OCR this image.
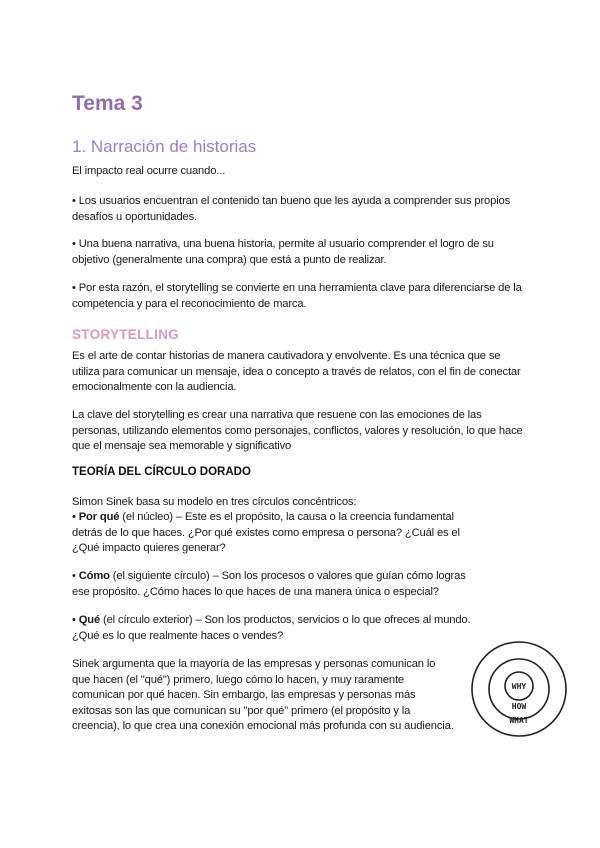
Tema 3
1. Narración de historias

El impacto real ocurre cuando...

• Los usuarios encuentran el contenido tan bueno que les ayuda a comprender sus propios desafíos u oportunidades.

• Una buena narrativa, una buena historia, permite al usuario comprender el logro de su objetivo (generalmente una compra) que está a punto de realizar.

• Por esta razón, el storytelling se convierte en una herramienta clave para diferenciarse de la competencia y para el reconocimiento de marca.

STORYTELLING

Es el arte de contar historias de manera cautivadora y envolvente. Es una técnica que se utiliza para comunicar un mensaje, idea o concepto a través de relatos, con el fin de conectar emocionalmente con la audiencia.

La clave del storytelling es crear una narrativa que resuene con las emociones de las personas, utilizando elementos como personajes, conflictos, valores y resolución, lo que hace que el mensaje sea memorable y significativo

TEORÍA DEL CÍRCULO DORADO

Simon Sinek basa su modelo en tres círculos concéntricos:

• Por qué (el núcleo) – Este es el propósito, la causa o la creencia fundamental detrás de lo que haces. ¿Por qué existes como empresa o persona? ¿Cuál es el ¿Qué impacto quieres generar?

• Cómo (el siguiente círculo) – Son los procesos o valores que guían cómo logras ese propósito. ¿Cómo haces lo que haces de una manera única o especial?

• Qué (el círculo exterior) – Son los productos, servicios o lo que ofreces al mundo. ¿Qué es lo que realmente haces o vendes?

Sinek argumenta que la mayoría de las empresas y personas comunican lo que hacen (el "qué") primero, luego cómo lo hacen, y muy raramente comunican por qué hacen. Sin embargo, las empresas y personas más exitosas son las que comunican su "por qué" primero (el propósito y la creencia), lo que crea una conexión emocional más profunda con su audiencia.

WHY
HOW
WHAT
